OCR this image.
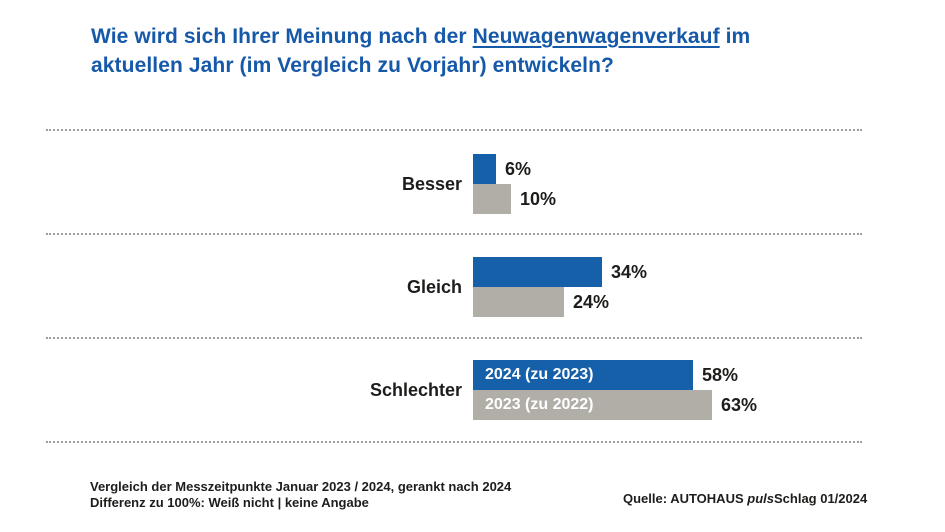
Wie wird sich Ihrer Meinung nach der Neuwagenwagenverkauf im
aktuellen Jahr (im Vergleich zu Vorjahr) entwickeln?
Besser
6%
10%
Gleich
34%
24%
Schlechter
2024 (zu 2023)	58%
2023 (zu 2022)	63%
Vergleich der Messzeitpunkte Januar 2023 / 2024, gerankt nach 2024
Differenz zu 100%: Weiß nicht | keine Angabe	Quelle: AUTOHAUS pulsSchlag 01/2024
